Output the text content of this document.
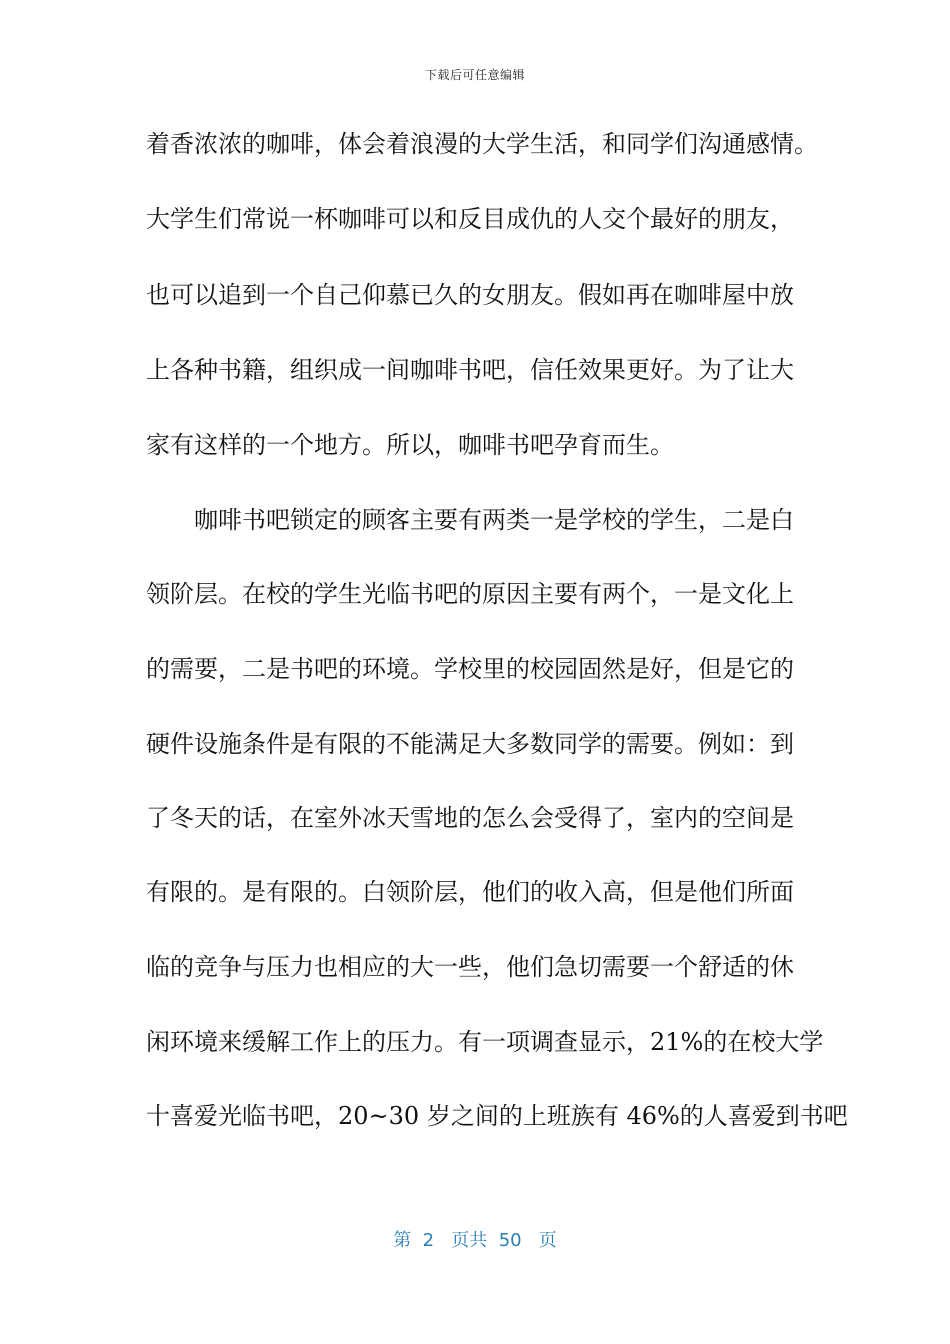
下载后可任意编辑
着香浓浓的咖啡，体会着浪漫的大学生活，和同学们沟通感情。
大学生们常说一杯咖啡可以和反目成仇的人交个最好的朋友，
也可以追到一个自己仰慕已久的女朋友。假如再在咖啡屋中放
上各种书籍，组织成一间咖啡书吧，信任效果更好。为了让大
家有这样的一个地方。所以，咖啡书吧孕育而生。
　　咖啡书吧锁定的顾客主要有两类一是学校的学生，二是白
领阶层。在校的学生光临书吧的原因主要有两个，一是文化上
的需要，二是书吧的环境。学校里的校园固然是好，但是它的
硬件设施条件是有限的不能满足大多数同学的需要。例如：到
了冬天的话，在室外冰天雪地的怎么会受得了，室内的空间是
有限的。是有限的。白领阶层，他们的收入高，但是他们所面
临的竞争与压力也相应的大一些，他们急切需要一个舒适的休
闲环境来缓解工作上的压力。有一项调查显示，21%的在校大学
十喜爱光临书吧，20~30 岁之间的上班族有 46%的人喜爱到书吧
第  2   页共  50   页
